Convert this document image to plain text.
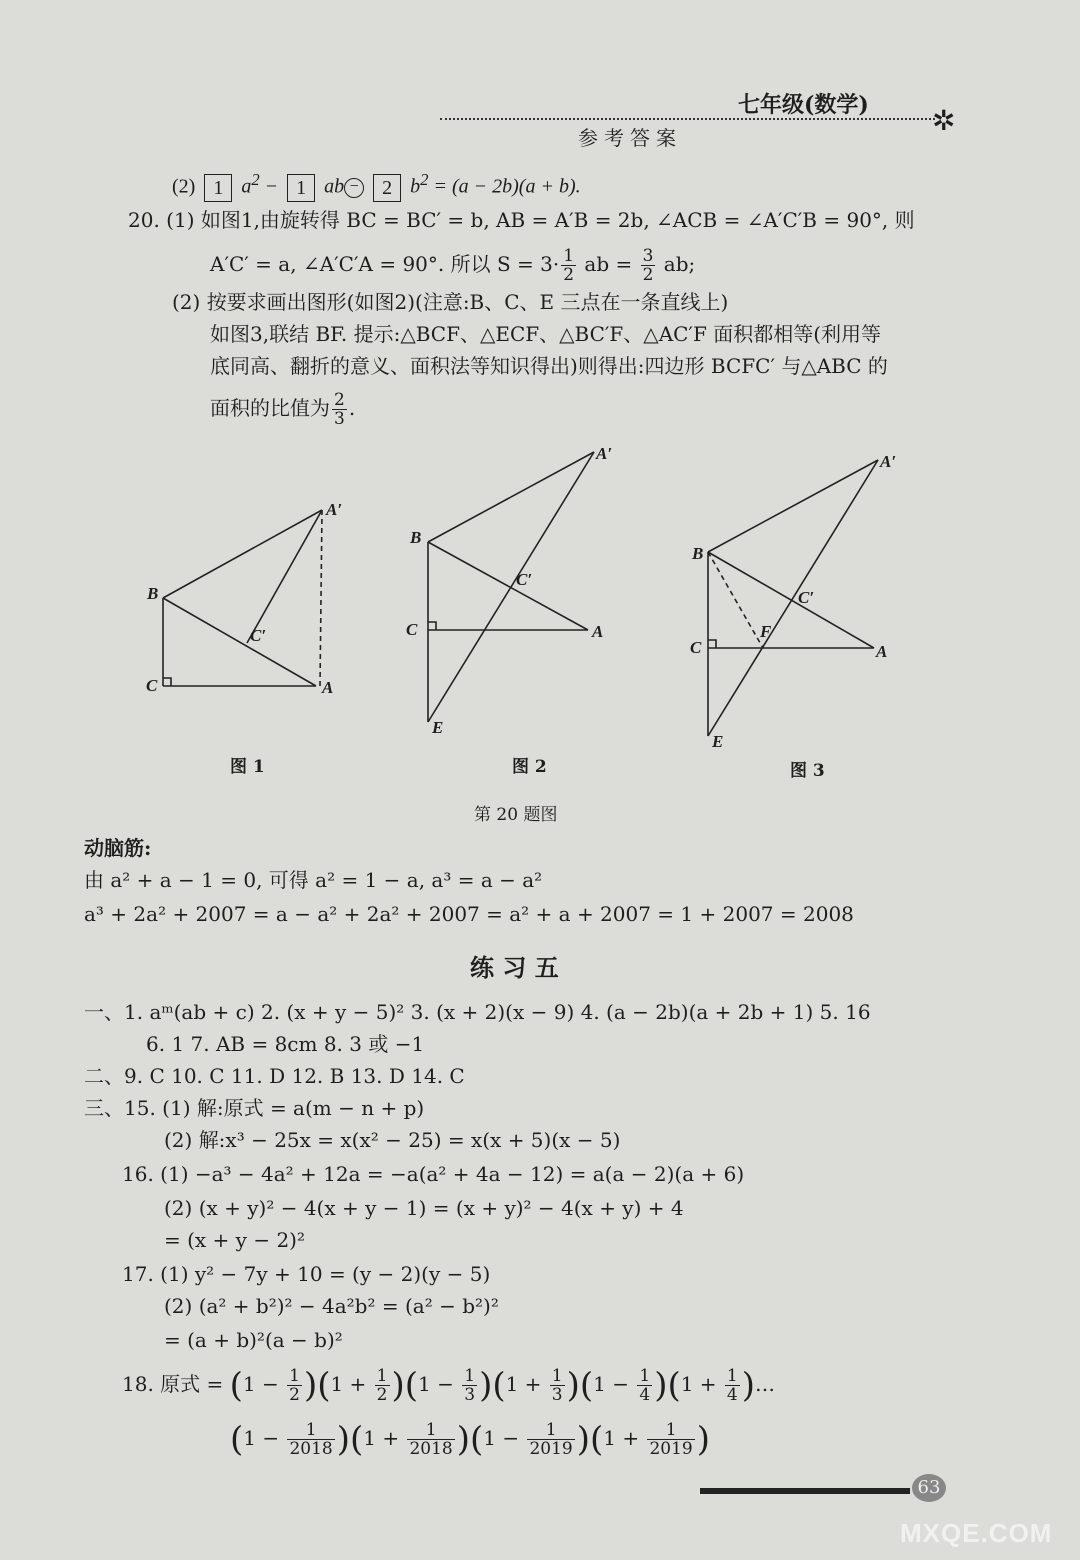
七年级(数学) ✲
参考答案
(2) 1 $a^2 - 1$ ab − 2 $b^2 = (a - 2b)(a + b)$.
20. (1) 如图1,由旋转得 BC = BC′ = b, AB = A′B = 2b, ∠ACB = ∠A′C′B = 90°, 则
A′C′ = a, ∠A′C′A = 90°. 所以 $S = 3\cdot \frac{1}{2}$ ab = $\frac{3}{2}$ ab;
(2) 按要求画出图形(如图2)(注意:B、C、E 三点在一条直线上)
如图3,联结 BF. 提示:△BCF、△ECF、△BC′F、△AC′F 面积都相等(利用等
底同高、翻折的意义、面积法等知识得出)则得出:四边形 BCFC′ 与△ABC 的
面积的比值为 $\frac{2}{3}$ .
B
C	A
A′
C′
B
C	A
A′
C′
E
B
C	A
A′
C′
F
E
图 1	图 2	图 3
第 20 题图
动脑筋:
由 a² + a − 1 = 0, 可得 a² = 1 − a, a³ = a − a²
a³ + 2a² + 2007 = a − a² + 2a² + 2007 = a² + a + 2007 = 1 + 2007 = 2008
练 习 五
一、1. aᵐ(ab + c) 2. (x + y − 5)² 3. (x + 2)(x − 9) 4. (a − 2b)(a + 2b + 1) 5. 16
6. 1 7. AB = 8cm 8. 3 或 −1
二、9. C 10. C 11. D 12. B 13. D 14. C
三、15. (1) 解:原式 = a(m − n + p)
(2) 解:x³ − 25x = x(x² − 25) = x(x + 5)(x − 5)
16. (1) −a³ − 4a² + 12a = −a(a² + 4a − 12) = a(a − 2)(a + 6)
(2) (x + y)² − 4(x + y − 1) = (x + y)² − 4(x + y) + 4
= (x + y − 2)²
17. (1) y² − 7y + 10 = (y − 2)(y − 5)
(2) (a² + b²)² − 4a²b² = (a² − b²)²
= (a + b)²(a − b)²
18. 原式 = $(1 - \frac{1}{2} )(1 + \frac{1}{2} )(1 - \frac{1}{3} )(1 + \frac{1}{3} )(1 - \frac{1}{4} )(1 + \frac{1}{4}$ )…
$(1 - \frac{1}{2018} )(1 + \frac{1}{2018} )(1 - \frac{1}{2019} )(1 + \frac{1}{2019}$ )
63
MXQE.COM
